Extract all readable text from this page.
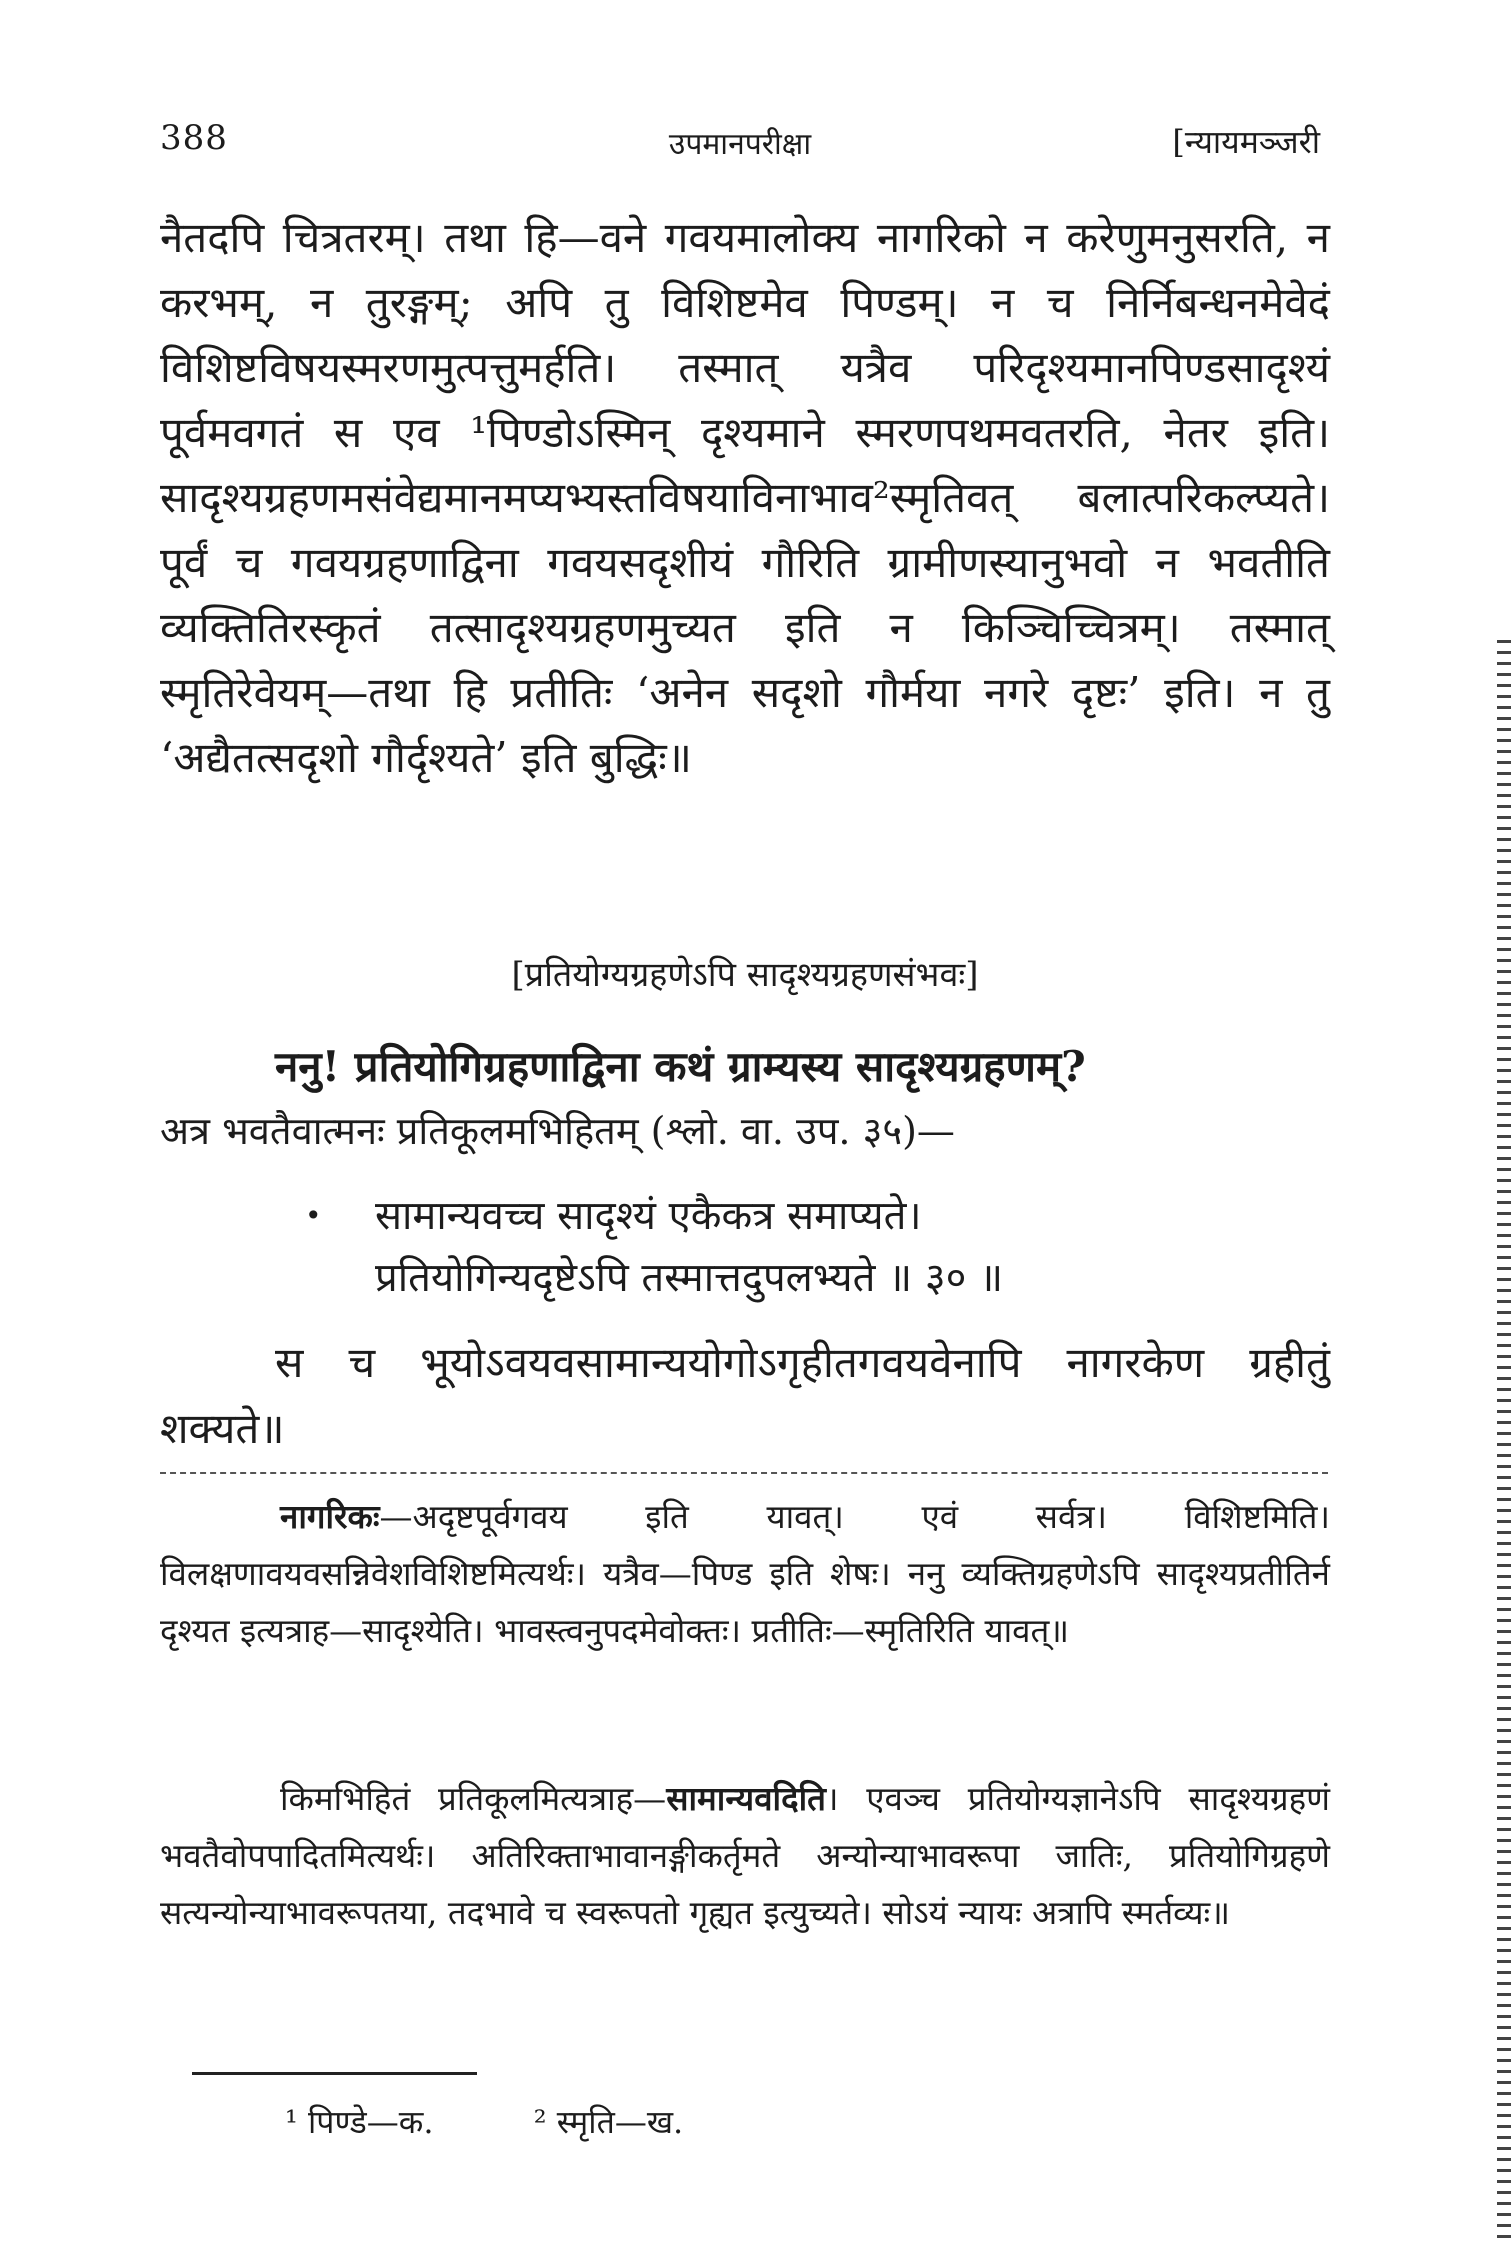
388	उपमानपरीक्षा	[न्यायमञ्जरी
नैतदपि चित्रतरम्। तथा हि—वने गवयमालोक्य नागरिको न करेणुमनुसरति, न करभम्, न तुरङ्गम्; अपि तु विशिष्टमेव पिण्डम्। न च निर्निबन्धनमेवेदं विशिष्टविषयस्मरणमुत्पत्तुमर्हति। तस्मात् यत्रैव परिदृश्यमानपिण्डसादृश्यं पूर्वमवगतं स एव ¹पिण्डोऽस्मिन् दृश्यमाने स्मरणपथमवतरति, नेतर इति। सादृश्यग्रहणमसंवेद्यमानमप्यभ्यस्तविषयाविनाभाव²स्मृतिवत् बलात्परिकल्प्यते। पूर्वं च गवयग्रहणाद्विना गवयसदृशीयं गौरिति ग्रामीणस्यानुभवो न भवतीति व्यक्तितिरस्कृतं तत्सादृश्यग्रहणमुच्यत इति न किञ्चिच्चित्रम्। तस्मात् स्मृतिरेवेयम्—तथा हि प्रतीतिः ‘अनेन सदृशो गौर्मया नगरे दृष्टः’ इति। न तु ‘अद्यैतत्सदृशो गौर्दृश्यते’ इति बुद्धिः॥
[प्रतियोग्यग्रहणेऽपि सादृश्यग्रहणसंभवः]
ननु! प्रतियोगिग्रहणाद्विना कथं ग्राम्यस्य सादृश्यग्रहणम्?
अत्र भवतैवात्मनः प्रतिकूलमभिहितम् (श्लो. वा. उप. ३५)—
• सामान्यवच्च सादृश्यं एकैकत्र समाप्यते।
प्रतियोगिन्यदृष्टेऽपि तस्मात्तदुपलभ्यते ॥ ३० ॥
स च भूयोऽवयवसामान्ययोगोऽगृहीतगवयवेनापि नागरकेण ग्रहीतुं शक्यते॥
नागरिकः—अदृष्टपूर्वगवय इति यावत्। एवं सर्वत्र। विशिष्टमिति। विलक्षणावयवसन्निवेशविशिष्टमित्यर्थः। यत्रैव—पिण्ड इति शेषः। ननु व्यक्तिग्रहणेऽपि सादृश्यप्रतीतिर्न दृश्यत इत्यत्राह—सादृश्येति। भावस्त्वनुपदमेवोक्तः। प्रतीतिः—स्मृतिरिति यावत्॥
किमभिहितं प्रतिकूलमित्यत्राह—सामान्यवदिति। एवञ्च प्रतियोग्यज्ञानेऽपि सादृश्यग्रहणं भवतैवोपपादितमित्यर्थः। अतिरिक्ताभावानङ्गीकर्तृमते अन्योन्याभावरूपा जातिः, प्रतियोगिग्रहणे सत्यन्योन्याभावरूपतया, तदभावे च स्वरूपतो गृह्यत इत्युच्यते। सोऽयं न्यायः अत्रापि स्मर्तव्यः॥
¹ पिण्डे—क.	² स्मृति—ख.
